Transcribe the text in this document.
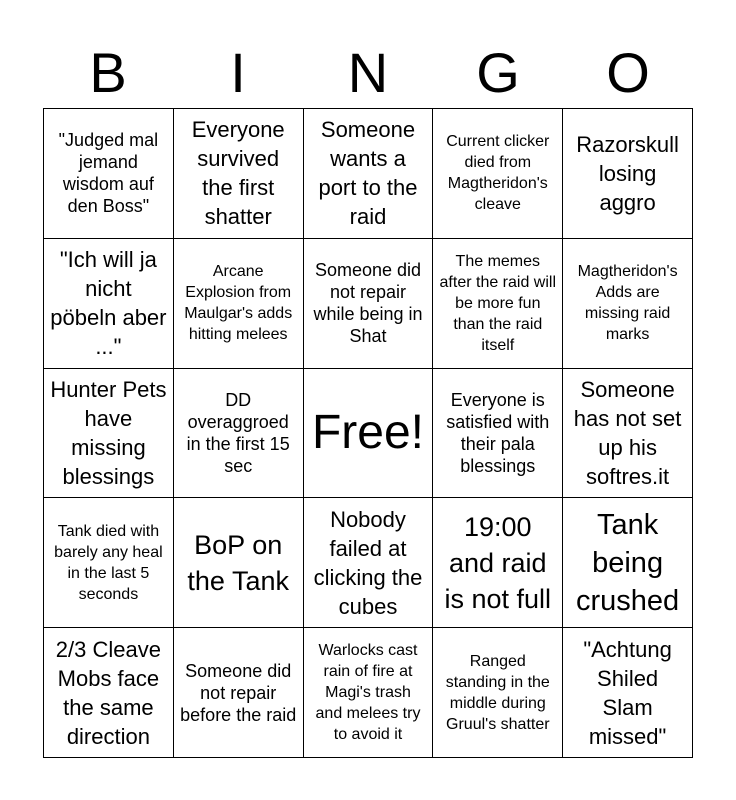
B	I	N	G	O
"Judged mal jemand wisdom auf den Boss"
Everyone survived the first shatter
Someone wants a port to the raid
Current clicker died from Magtheridon's cleave
Razorskull losing aggro
"Ich will ja nicht pöbeln aber ..."
Arcane Explosion from Maulgar's adds hitting melees
Someone did not repair while being in Shat
The memes after the raid will be more fun than the raid itself
Magtheridon's Adds are missing raid marks
Hunter Pets have missing blessings
DD overaggroed in the first 15 sec
Free!
Everyone is satisfied with their pala blessings
Someone has not set up his softres.it
Tank died with barely any heal in the last 5 seconds
BoP on the Tank
Nobody failed at clicking the cubes
19:00 and raid is not full
Tank being crushed
2/3 Cleave Mobs face the same direction
Someone did not repair before the raid
Warlocks cast rain of fire at Magi's trash and melees try to avoid it
Ranged standing in the middle during Gruul's shatter
"Achtung Shiled Slam missed"
